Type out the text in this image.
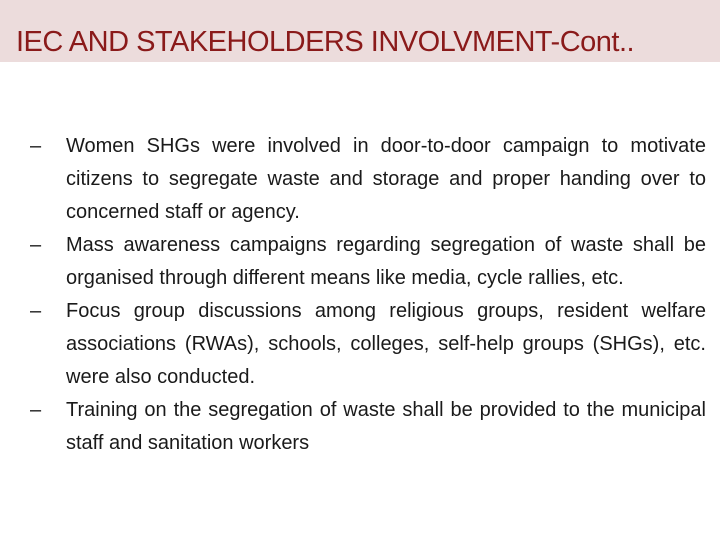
IEC AND STAKEHOLDERS INVOLVMENT-Cont..
–	Women SHGs were involved in door-to-door campaign to motivate citizens to segregate waste and storage and proper handing over to concerned staff or agency.
–	Mass awareness campaigns regarding segregation of waste shall be organised through different means like media, cycle rallies, etc.
–	Focus group discussions among religious groups, resident welfare associations (RWAs), schools, colleges, self-help groups (SHGs), etc. were also conducted.
–	Training on the segregation of waste shall be provided to the municipal staff and sanitation workers
